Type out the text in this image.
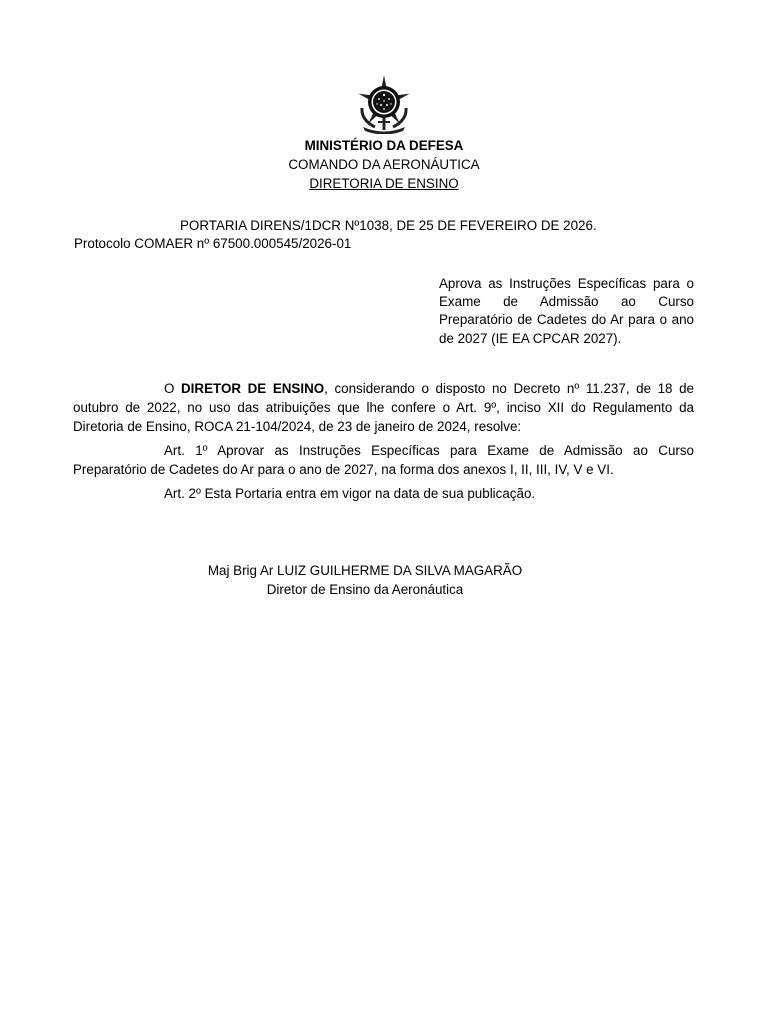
MINISTÉRIO DA DEFESA
COMANDO DA AERONÁUTICA
DIRETORIA DE ENSINO
PORTARIA DIRENS/1DCR Nº1038, DE 25 DE FEVEREIRO DE 2026.
Protocolo COMAER nº 67500.000545/2026-01
Aprova as Instruções Específicas para o Exame de Admissão ao Curso Preparatório de Cadetes do Ar para o ano de 2027 (IE EA CPCAR 2027).
O DIRETOR DE ENSINO, considerando o disposto no Decreto nº 11.237, de 18 de outubro de 2022, no uso das atribuições que lhe confere o Art. 9º, inciso XII do Regulamento da Diretoria de Ensino, ROCA 21-104/2024, de 23 de janeiro de 2024, resolve:
Art. 1º Aprovar as Instruções Específicas para Exame de Admissão ao Curso Preparatório de Cadetes do Ar para o ano de 2027, na forma dos anexos I, II, III, IV, V e VI.
Art. 2º Esta Portaria entra em vigor na data de sua publicação.
Maj Brig Ar LUIZ GUILHERME DA SILVA MAGARÃO
Diretor de Ensino da Aeronáutica
